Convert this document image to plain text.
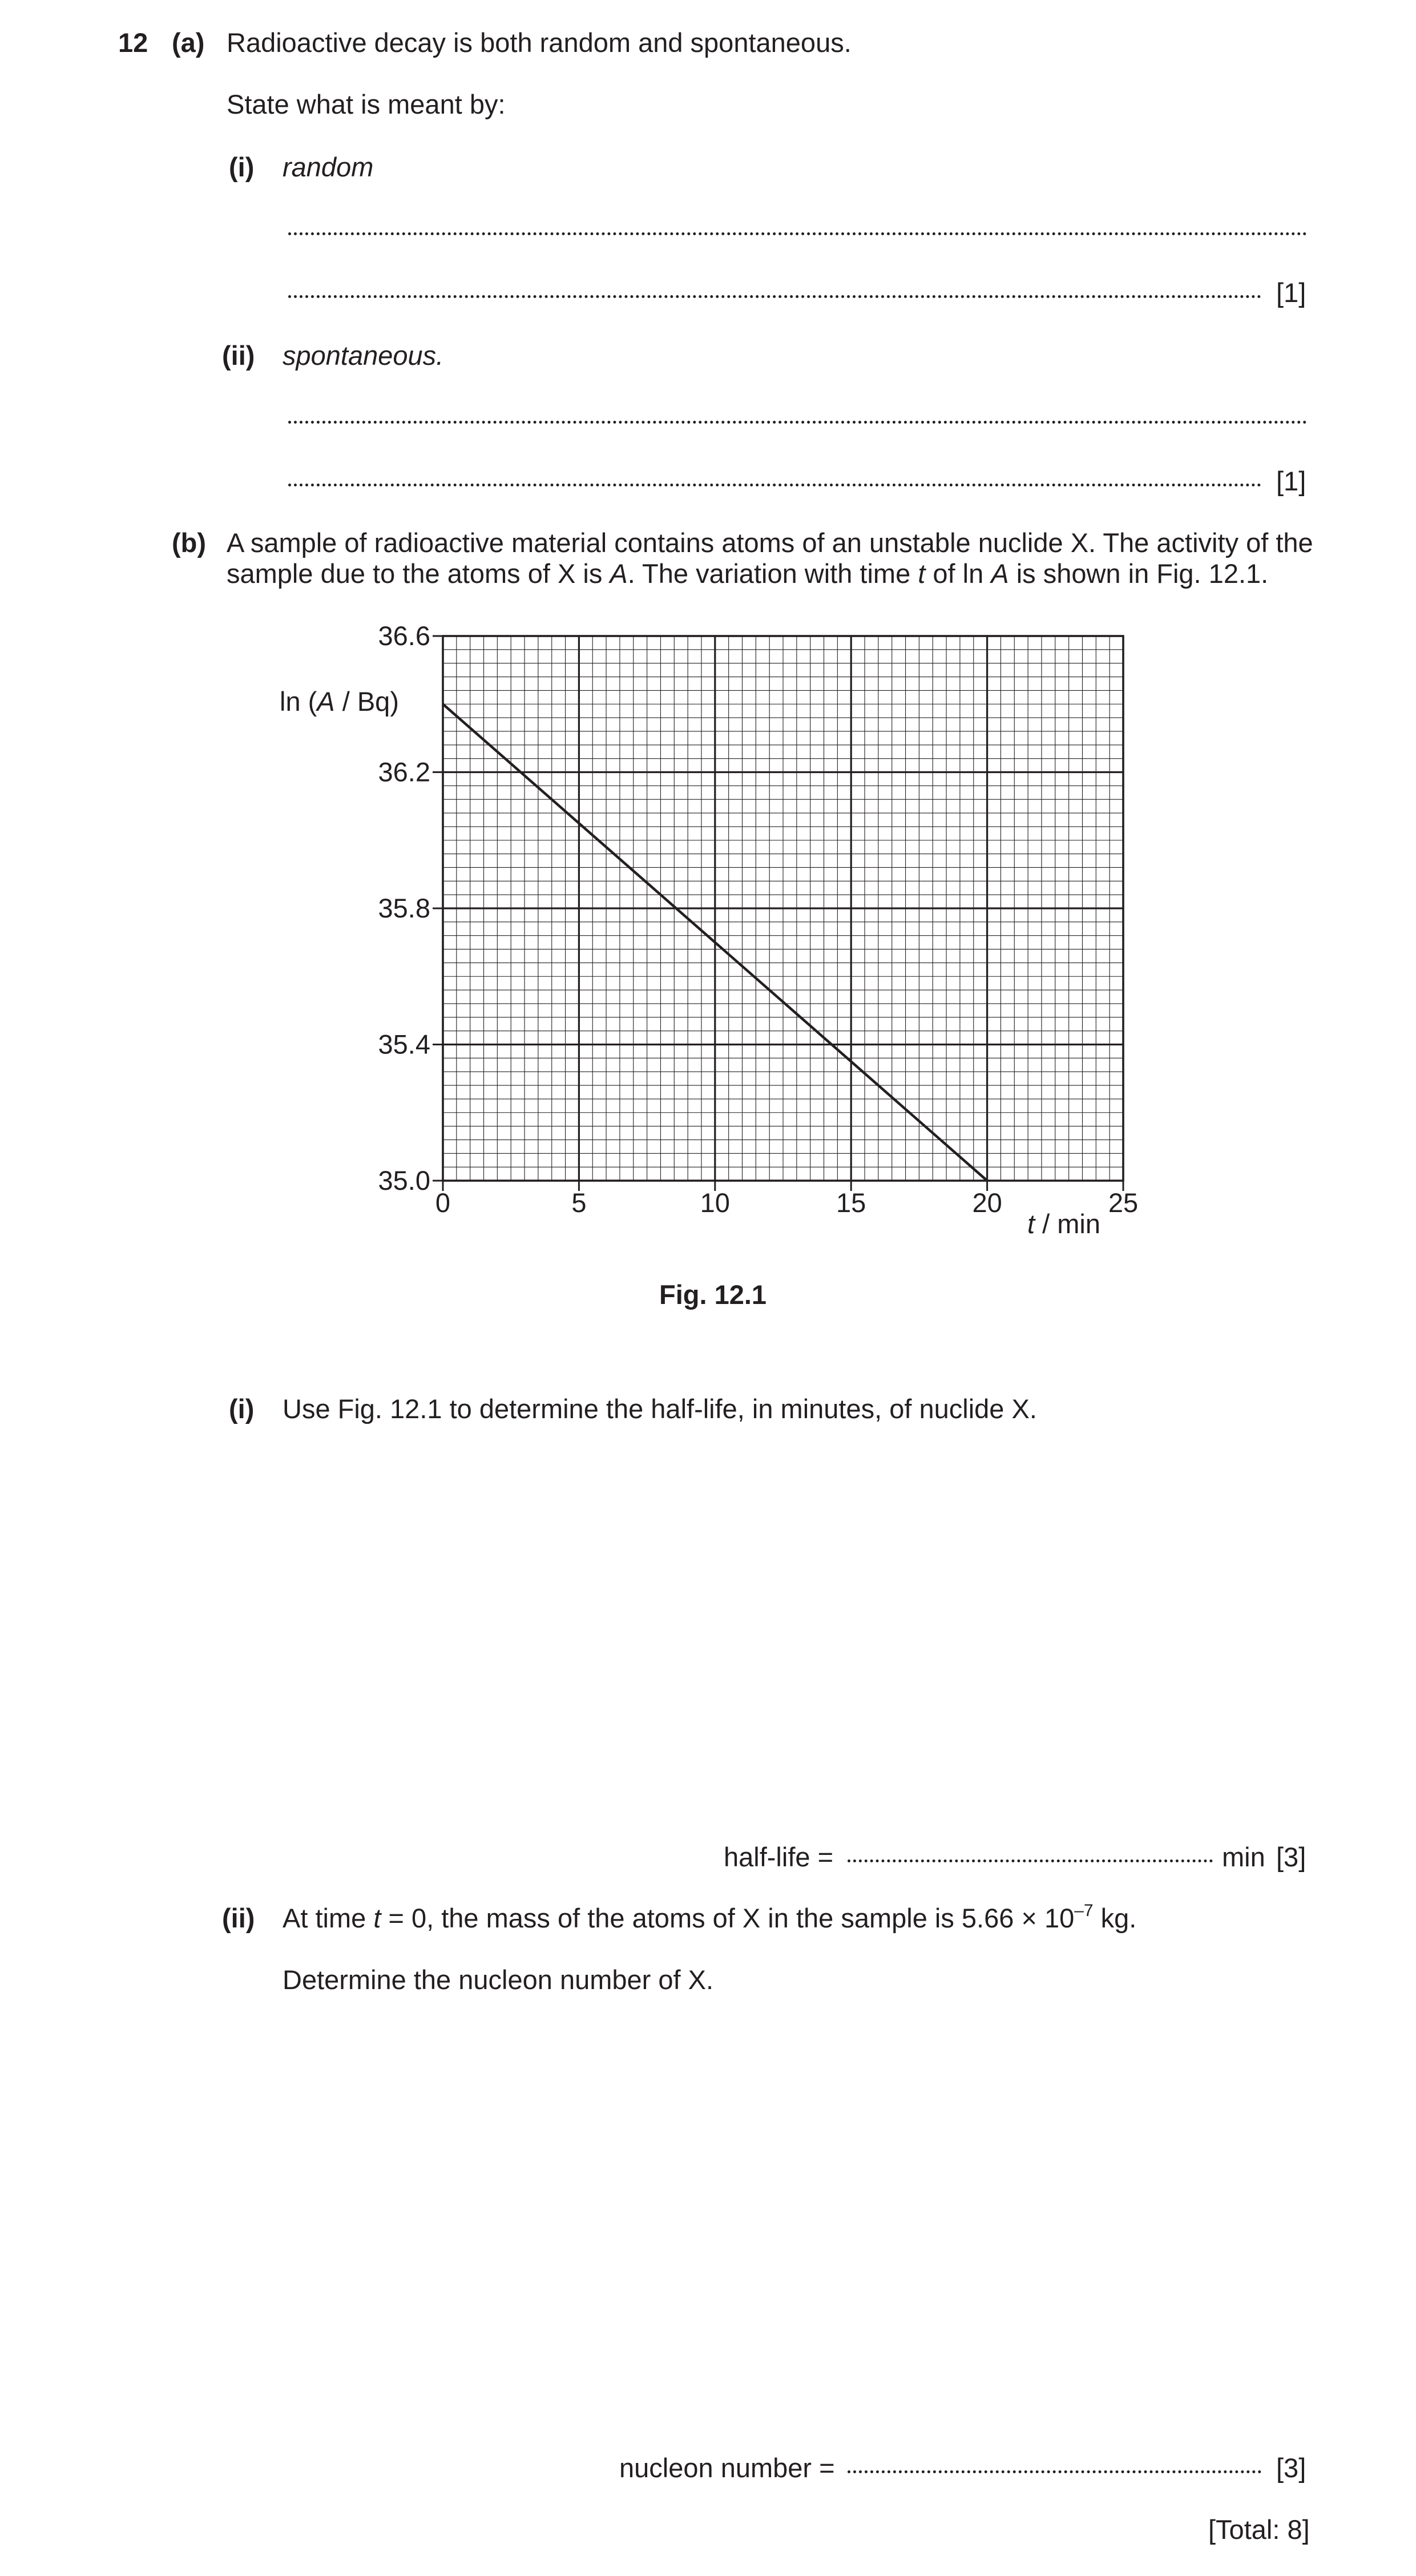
12 (a) Radioactive decay is both random and spontaneous.
State what is meant by:
(i) random
[1]
(ii) spontaneous.
[1]
(b) A sample of radioactive material contains atoms of an unstable nuclide X. The activity of the
sample due to the atoms of X is A. The variation with time t of ln A is shown in Fig. 12.1.
0	5	10	15	20	25
35.0
35.4
35.8
36.2
36.6
ln (A / Bq)
t / min
Fig. 12.1
(i) Use Fig. 12.1 to determine the half-life, in minutes, of nuclide X.
half-life =	min [3]
(ii) At time t = 0, the mass of the atoms of X in the sample is $5.66 \times 10^{-7}$ kg.
Determine the nucleon number of X.
nucleon number =	[3]
[Total: 8]
